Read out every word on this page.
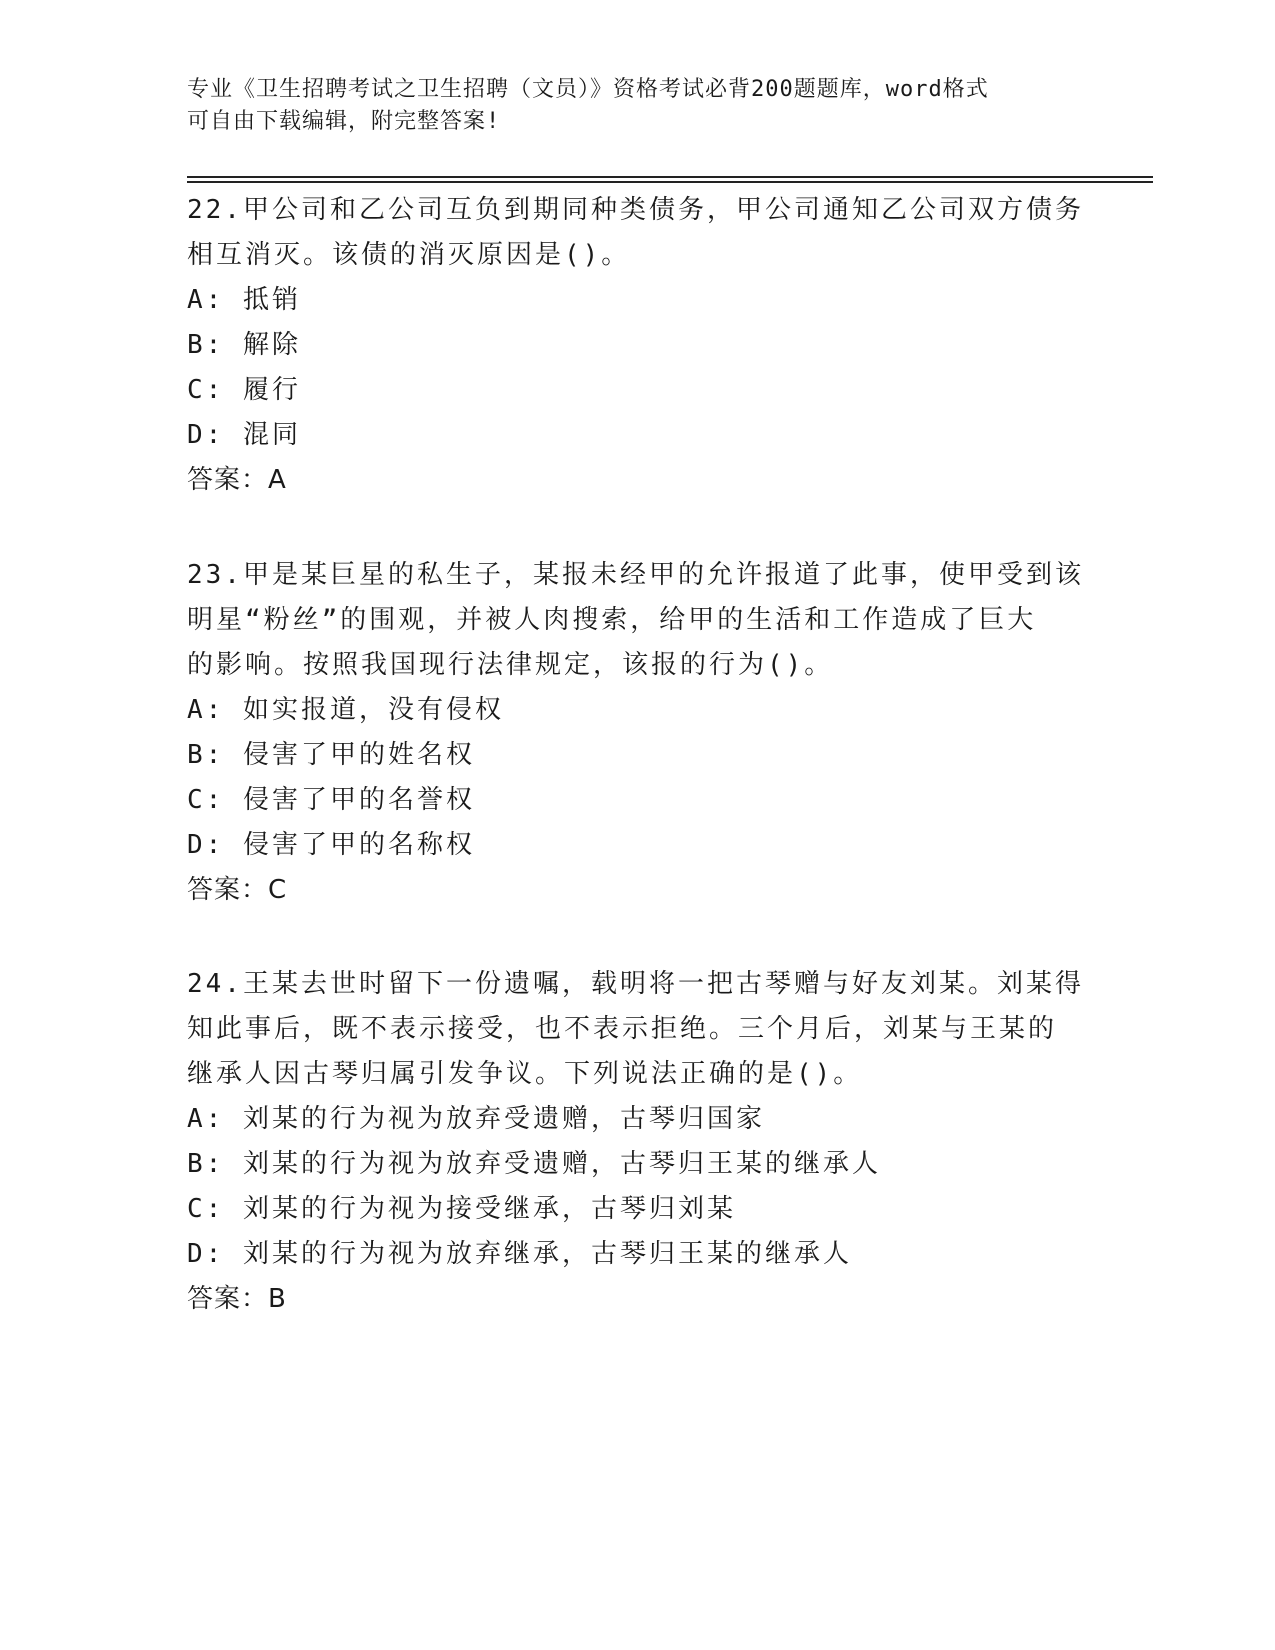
专业《卫生招聘考试之卫生招聘（文员）》资格考试必背200题题库，word格式
可自由下载编辑，附完整答案!

22.甲公司和乙公司互负到期同种类债务，甲公司通知乙公司双方债务

相互消灭。该债的消灭原因是()。

A: 抵销

B: 解除

C: 履行

D: 混同

答案：A

23.甲是某巨星的私生子，某报未经甲的允许报道了此事，使甲受到该

明星“粉丝”的围观，并被人肉搜索，给甲的生活和工作造成了巨大

的影响。按照我国现行法律规定，该报的行为()。

A: 如实报道，没有侵权

B: 侵害了甲的姓名权

C: 侵害了甲的名誉权

D: 侵害了甲的名称权

答案：C

24.王某去世时留下一份遗嘱，载明将一把古琴赠与好友刘某。刘某得

知此事后，既不表示接受，也不表示拒绝。三个月后，刘某与王某的

继承人因古琴归属引发争议。下列说法正确的是()。

A: 刘某的行为视为放弃受遗赠，古琴归国家

B: 刘某的行为视为放弃受遗赠，古琴归王某的继承人

C: 刘某的行为视为接受继承，古琴归刘某

D: 刘某的行为视为放弃继承，古琴归王某的继承人

答案：B
